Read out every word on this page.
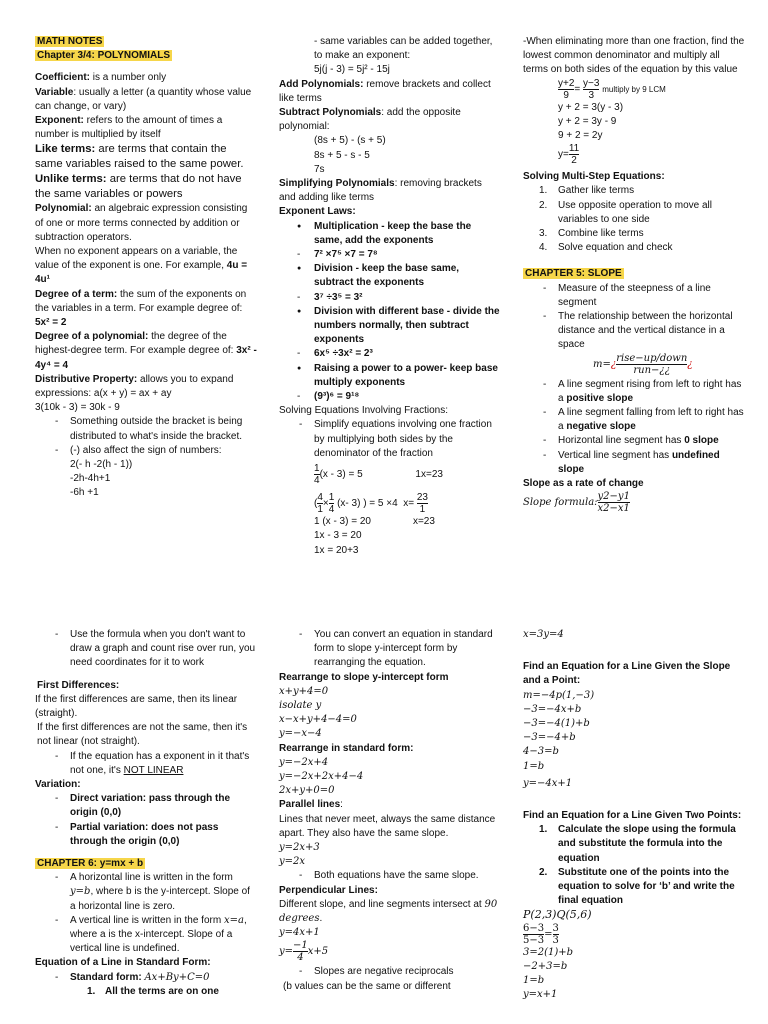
MATH NOTES
Chapter 3/4: POLYNOMIALS
Coefficient: is a number only
Variable: usually a letter (a quantity whose value can change, or vary)
Exponent: refers to the amount of times a number is multiplied by itself
Like terms: are terms that contain the same variables raised to the same power.
Unlike terms: are terms that do not have the same variables or powers
Polynomial: an algebraic expression consisting of one or more terms connected by addition or subtraction operators.
When no exponent appears on a variable, the value of the exponent is one. For example, 4u = 4u¹
Degree of a term: the sum of the exponents on the variables in a term. For example degree of: 5x² = 2
Degree of a polynomial: the degree of the highest-degree term. For example degree of: 3x² - 4y⁴ = 4
Distributive Property: allows you to expand expressions: a(x + y) = ax + ay
3(10k - 3) = 30k - 9
- Something outside the bracket is being distributed to what's inside the bracket.
- (-) also affect the sign of numbers:
2(- h -2(h - 1))
-2h-4h+1
-6h +1
- same variables can be added together, to make an exponent:
5j(j - 3) = 5j² - 15j
Add Polynomials: remove brackets and collect like terms
Subtract Polynomials: add the opposite polynomial:
(8s + 5) - (s + 5)
8s + 5 - s - 5
7s
Simplifying Polynomials: removing brackets and adding like terms
Exponent Laws:
● Multiplication - keep the base the same, add the exponents
- 7² ×7⁵ ×7 = 7⁸
● Division - keep the base same, subtract the exponents
- 3⁷ ÷3⁵ = 3²
● Division with different base - divide the numbers normally, then subtract exponents
- 6x⁵ ÷3x² = 2³
● Raising a power to a power- keep base multiply exponents
- (9³)⁶ = 9¹⁸
Solving Equations Involving Fractions:
- Simplify equations involving one fraction by multiplying both sides by the denominator of the fraction
$\frac{1}{4} (x - 3) = 5$	1x=23
( $\frac{4}{1} \times \frac{1}{4} (x-$ 3) ) = 5 ×4 $x= \frac{23}{1}$
1 (x - 3) = 20	x=23
1x - 3 = 20
1x = 20+3
-When eliminating more than one fraction, find the lowest common denominator and multiply all terms on both sides of the equation by this value
$\frac{y+2}{9} = \frac{y-3}{3}$ multiply by 9 LCM
y + 2 = 3(y - 3)
y + 2 = 3y - 9
9 + 2 = 2y
$y= \frac{11}{2}$
Solving Multi-Step Equations:
1. Gather like terms
2. Use opposite operation to move all variables to one side
3. Combine like terms
4. Solve equation and check
CHAPTER 5: SLOPE
- Measure of the steepness of a line segment
- The relationship between the horizontal distance and the vertical distance in a space
m=¿ $\frac{\text{rise−up/down}}{\text{run−¿¿}}$ ¿
- A line segment rising from left to right has a positive slope
- A line segment falling from left to right has a negative slope
- Horizontal line segment has 0 slope
- Vertical line segment has undefined slope
Slope as a rate of change
Slope formula: $\frac{y2-y1}{x2-x1}$
- Use the formula when you don't want to draw a graph and count rise over run, you need coordinates for it to work
First Differences:
If the first differences are same, then its linear (straight).
If the first differences are not the same, then it's not linear (not straight).
- If the equation has a exponent in it that's not one, it's NOT LINEAR
Variation:
- Direct variation: pass through the origin (0,0)
- Partial variation: does not pass through the origin (0,0)
CHAPTER 6: y=mx + b
- A horizontal line is written in the form y=b, where b is the y-intercept. Slope of a horizontal line is zero.
- A vertical line is written in the form x=a, where a is the x-intercept. Slope of a vertical line is undefined.
Equation of a Line in Standard Form:
- Standard form: Ax+By+C=0
1. All the terms are on one
- You can convert an equation in standard form to slope y-intercept form by rearranging the equation.
Rearrange to slope y-intercept form
x+y+4=0
isolate y
x−x+y+4−4=0
y=−x−4
Rearrange in standard form:
y=−2x+4
y=−2x+2x+4−4
2x+y+0=0
Parallel lines:
Lines that never meet, always the same distance apart. They also have the same slope.
y=2x+3
y=2x
- Both equations have the same slope.
Perpendicular Lines:
Different slope, and line segments intersect at 90 degrees.
y=4x+1
$y= \frac{-1}{4} x+5$
- Slopes are negative reciprocals
(b values can be the same or different
x=3y=4
Find an Equation for a Line Given the Slope and a Point:
m=−4p(1,−3)
−3=−4x+b
−3=−4(1)+b
−3=−4+b
4−3=b
1=b
y=−4x+1
Find an Equation for a Line Given Two Points:
1. Calculate the slope using the formula and substitute the formula into the equation
2. Substitute one of the points into the equation to solve for ‘b’ and write the final equation
P(2,3)Q(5,6)
$\frac{6-3}{5-3} = \frac{3}{3}$
3=2(1)+b
−2+3=b
1=b
y=x+1
